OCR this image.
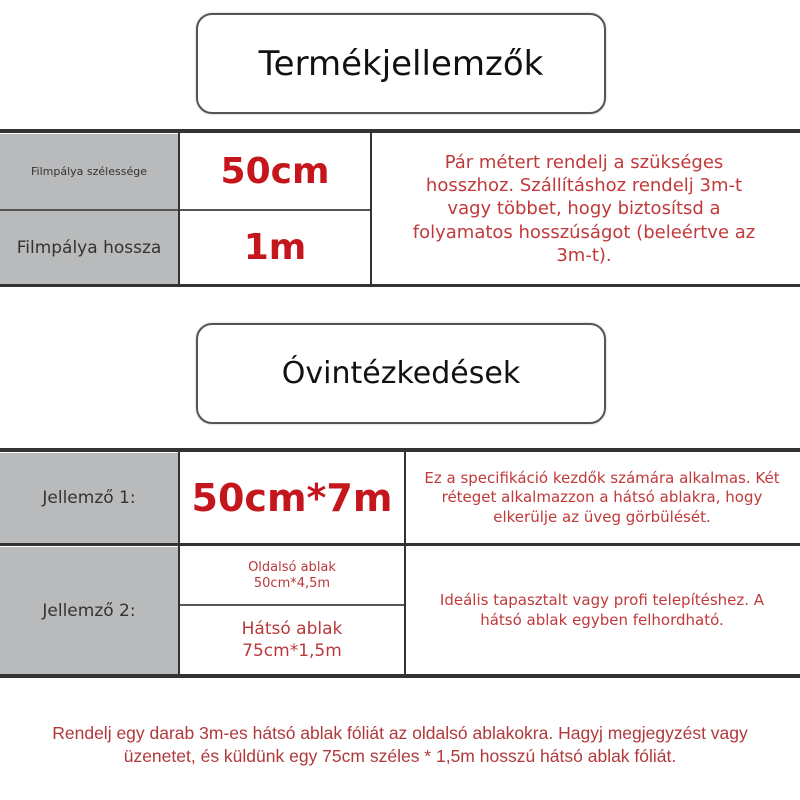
Termékjellemzők
Filmpálya szélessége
Filmpálya hossza
50cm
1m
Pár métert rendelj a szükséges hosszhoz. Szállításhoz rendelj 3m-t vagy többet, hogy biztosítsd a folyamatos hosszúságot (beleértve az 3m-t).
Óvintézkedések
Jellemző 1:
Jellemző 2:
50cm*7m
Oldalsó ablak
50cm*4,5m
Hátsó ablak
75cm*1,5m
Ez a specifikáció kezdők számára alkalmas. Két réteget alkalmazzon a hátsó ablakra, hogy elkerülje az üveg görbülését.
Ideális tapasztalt vagy profi telepítéshez. A hátsó ablak egyben felhordható.
Rendelj egy darab 3m-es hátsó ablak fóliát az oldalsó ablakokra. Hagyj megjegyzést vagy üzenetet, és küldünk egy 75cm széles * 1,5m hosszú hátsó ablak fóliát.
